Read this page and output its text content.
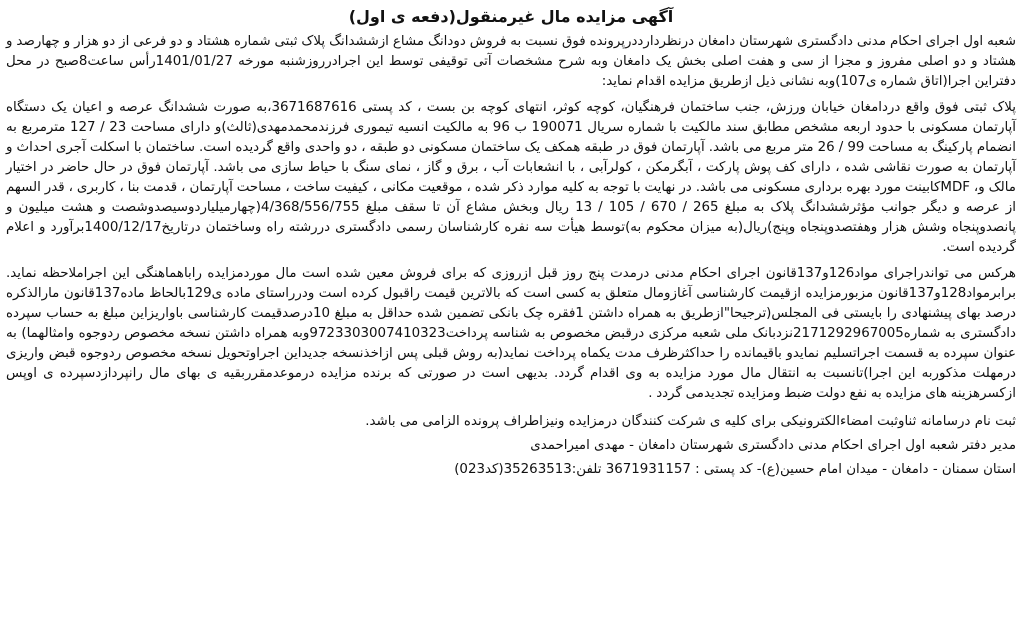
آگهی مزایده مال غیرمنقول(دفعه ی اول)

شعبه اول اجرای احکام مدنی دادگستری شهرستان دامغان درنظردارددرپرونده فوق نسبت به فروش دودانگ مشاع ازششدانگ پلاک ثبتی شماره هشتاد و دو فرعی از دو هزار و چهارصد و هشتاد و دو اصلی مفروز و مجزا از سی و هفت اصلی بخش یک دامغان وبه شرح مشخصات آتی توقیفی توسط این اجرادرروزشنبه مورخه 1401/01/27رأس ساعت8صبح در محل دفتراین اجرا(اتاق شماره ی107)وبه نشانی ذیل ازطریق مزایده اقدام نماید:

پلاک ثبتی فوق واقع دردامغان خیابان ورزش، جنب ساختمان فرهنگیان، کوچه کوثر، انتهای کوچه بن بست ، کد پستی 3671687616،به صورت ششدانگ عرصه و اعیان یک دستگاه آپارتمان مسکونی با حدود اربعه مشخص مطابق سند مالکیت با شماره سریال 190071 ب 96 به مالکیت انسیه تیموری فرزندمحمدمهدی(ثالث)و دارای مساحت 23 / 127 مترمربع به انضمام پارکینگ به مساحت 99 / 26 متر مربع می باشد. آپارتمان فوق در طبقه همکف یک ساختمان مسکونی دو طبقه ، دو واحدی واقع گردیده است. ساختمان با اسکلت آجری احداث و آپارتمان به صورت نقاشی شده ، دارای کف پوش پارکت ، آبگرمکن ، کولرآبی ، با انشعابات آب ، برق و گاز ، نمای سنگ با حیاط سازی می باشد. آپارتمان فوق در حال حاضر در اختیار مالک و، MDFکابینت مورد بهره برداری مسکونی می باشد. در نهایت با توجه به کلیه موارد ذکر شده ، موقعیت مکانی ، کیفیت ساخت ، مساحت آپارتمان ، قدمت بنا ، کاربری ، قدر السهم از عرصه و دیگر جوانب مؤثرششدانگ پلاک به مبلغ 265 / 670 / 105 / 13 ریال وبخش مشاع آن تا سقف مبلغ 4/368/556/755(چهارمیلیاردوسیصدوشصت و هشت میلیون و پانصدوپنجاه وشش هزار وهفتصدوپنجاه وپنج)ریال(به میزان محکوم به)توسط هیأت سه نفره کارشناسان رسمی دادگستری دررشته راه وساختمان درتاریخ1400/12/17برآورد و اعلام گردیده است.

هرکس می تواندراجرای مواد126و137قانون اجرای احکام مدنی درمدت پنج روز قبل ازروزی که برای فروش معین شده است مال موردمزایده راباهماهنگی این اجراملاحظه نماید. برابرمواد128و137قانون مزبورمزایده ازقیمت کارشناسی آغازومال متعلق به کسی است که بالاترین قیمت راقبول کرده است ودرراستای ماده ی129بالحاظ ماده137قانون مارالذکره درصد بهای پیشنهادی را بایستی فی المجلس(ترجیحا"ازطریق به همراه داشتن 1فقره چک بانکی تضمین شده حداقل به مبلغ 10درصدقیمت کارشناسی باواریزاین مبلغ به حساب سپرده دادگستری به شماره2171292967005نزدبانک ملی شعبه مرکزی درقبض مخصوص به شناسه پرداخت9723303007410323وبه همراه داشتن نسخه مخصوص ردوجوه وامثالهما) به عنوان سپرده به قسمت اجراتسلیم نمایدو باقیمانده را حداکثرظرف مدت یکماه پرداخت نماید(به روش قبلی پس ازاخذنسخه جدیداین اجراوتحویل نسخه مخصوص ردوجوه قبض واریزی درمهلت مذکوربه این اجرا)تانسبت به انتقال مال مورد مزایده به وی اقدام گردد. بدیهی است در صورتی که برنده مزایده درموعدمقرربقیه ی بهای مال رانپردازدسپرده ی اوپس ازکسرهزینه های مزایده به نفع دولت ضبط ومزایده تجدیدمی گردد .

ثبت نام درسامانه ثناوثبت امضاءالکترونیکی برای کلیه ی شرکت کنندگان درمزایده ونیزاطراف پرونده الزامی می باشد.

مدیر دفتر شعبه اول اجرای احکام مدنی دادگستری شهرستان دامغان - مهدی امیراحمدی

استان سمنان - دامغان - میدان امام حسین(ع)- کد پستی : 3671931157 تلفن:35263513(کد023)
